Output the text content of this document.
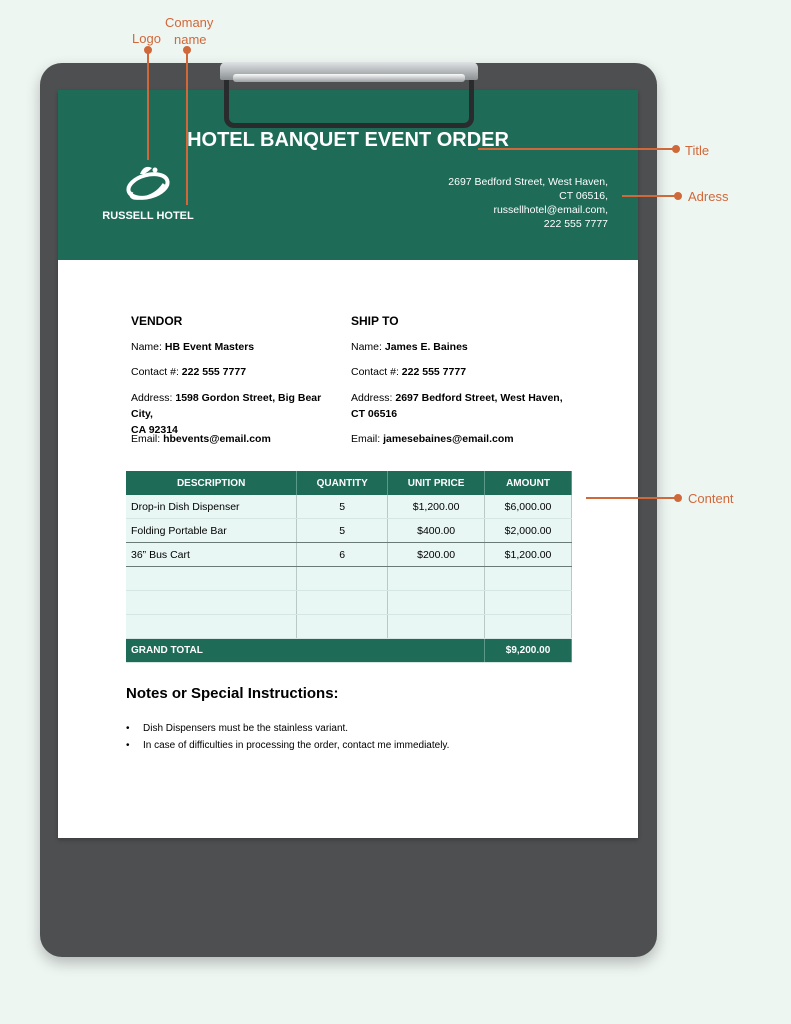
HOTEL BANQUET EVENT ORDER
RUSSELL HOTEL
2697 Bedford Street, West Haven,
CT 06516,
russellhotel@email.com,
222 555 7777
VENDOR
Name: HB Event Masters
Contact #: 222 555 7777
Address: 1598 Gordon Street, Big Bear City,
CA 92314
Email: hbevents@email.com
SHIP TO
Name: James E. Baines
Contact #: 222 555 7777
Address: 2697 Bedford Street, West Haven,
CT 06516
Email: jamesebaines@email.com
DESCRIPTION	QUANTITY	UNIT PRICE	AMOUNT
Drop-in Dish Dispenser	5	$1,200.00	$6,000.00
Folding Portable Bar	5	$400.00	$2,000.00
36” Bus Cart	6	$200.00	$1,200.00

GRAND TOTAL			$9,200.00
Notes or Special Instructions:
• Dish Dispensers must be the stainless variant.
• In case of difficulties in processing the order, contact me immediately.
Logo
Comany
name
Title
Adress
Content
